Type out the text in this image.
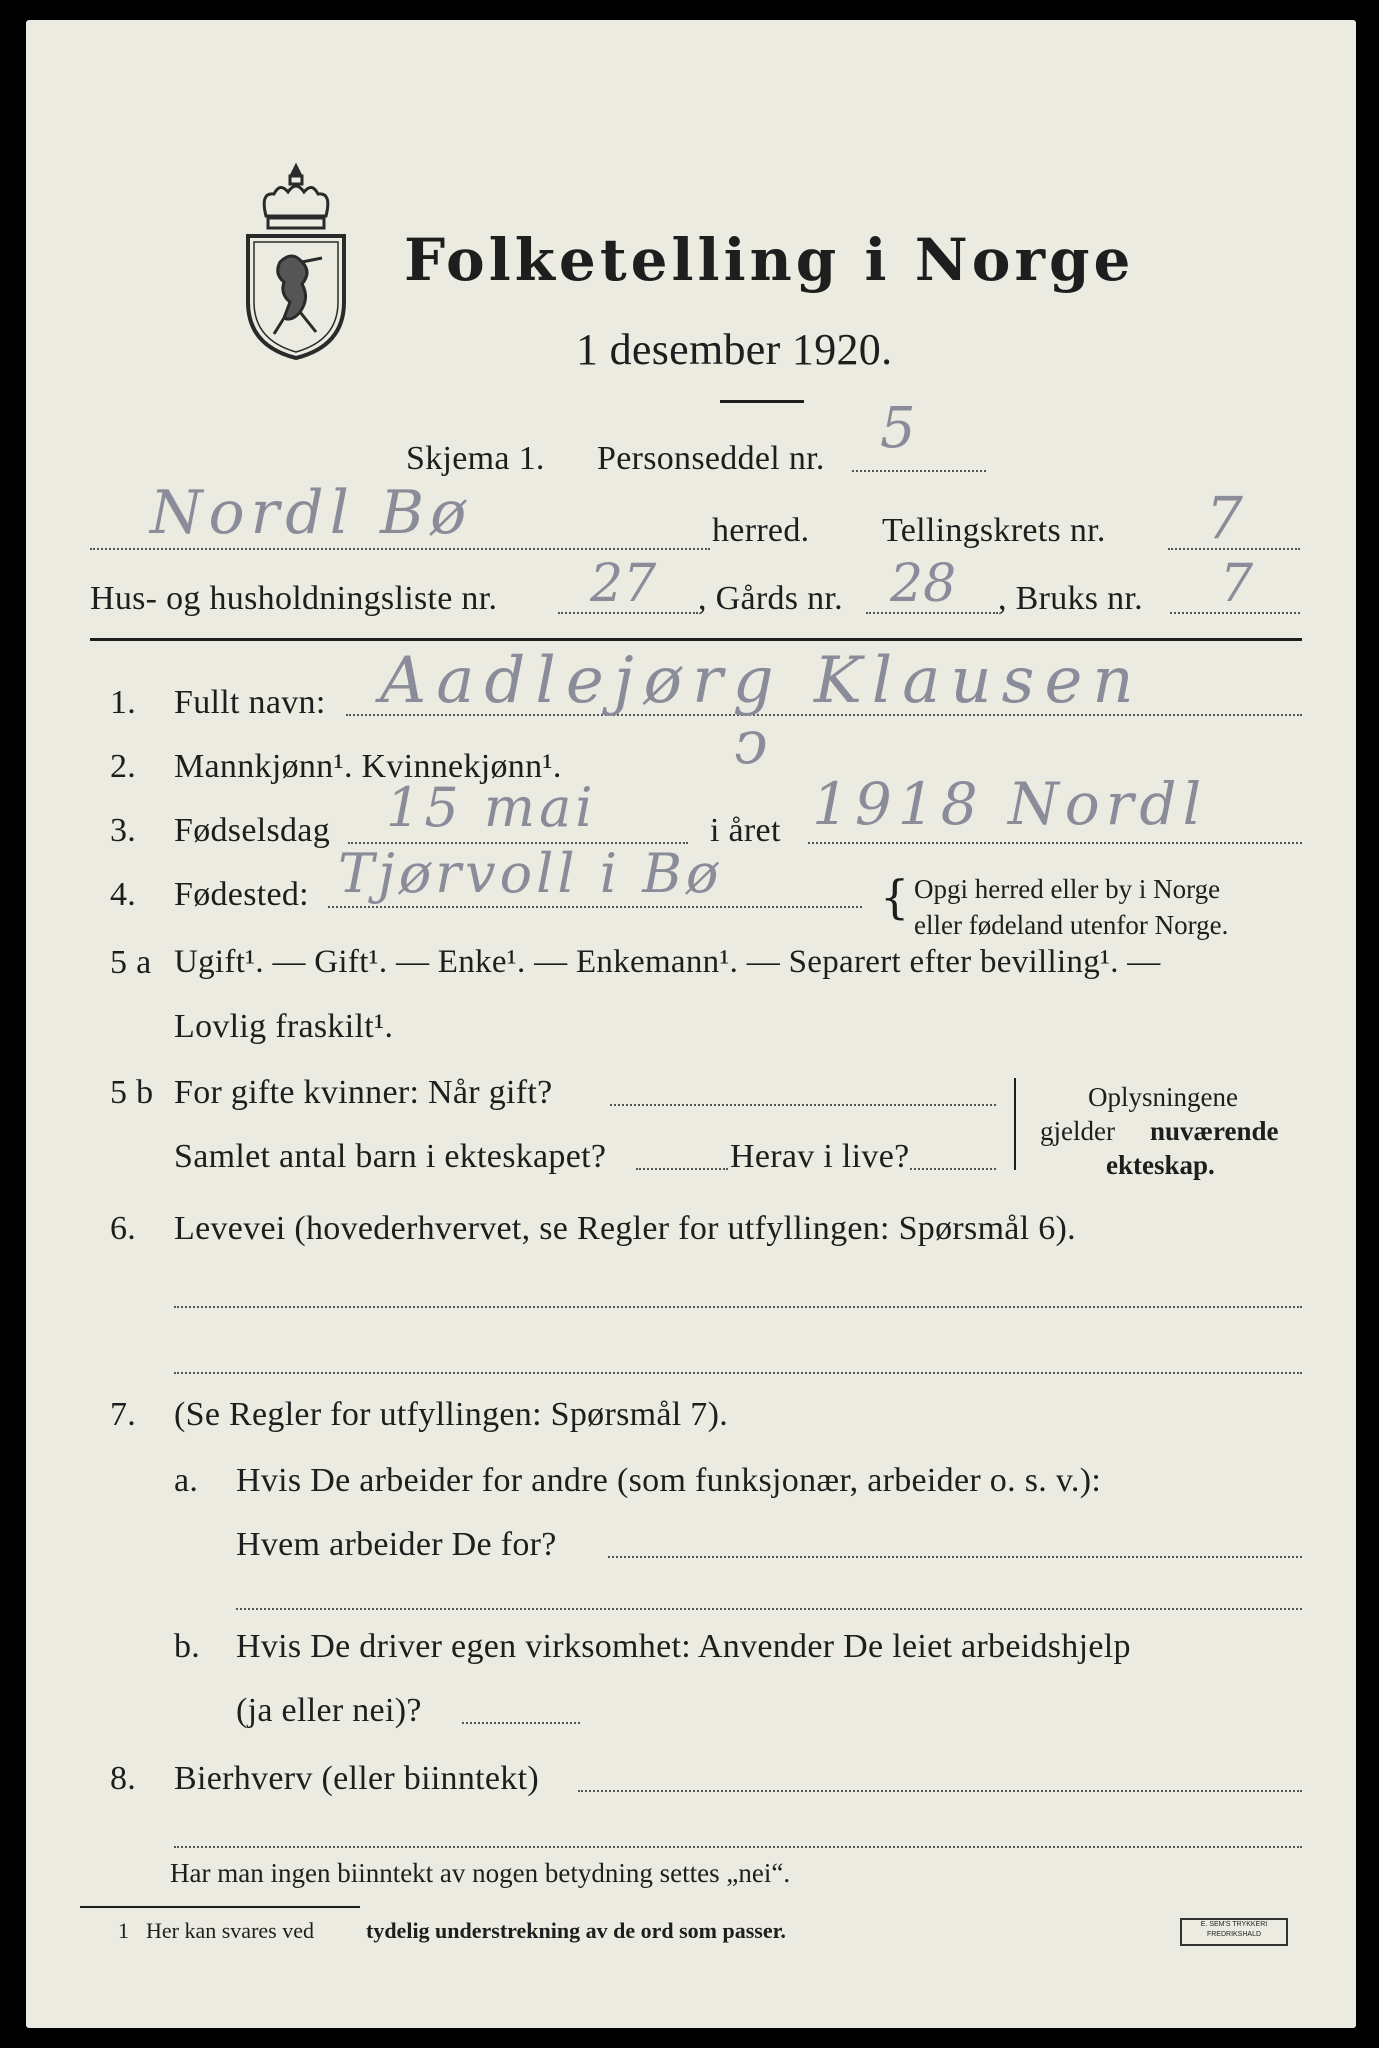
Folketelling i Norge
1 desember 1920.
Skjema 1. Personseddel nr. 5
Nordl Bø	herred. Tellingskrets nr. 7
Hus- og husholdningsliste nr. 27 , Gårds nr. 28 , Bruks nr. 7
1. Fullt navn: Aadlejørg Klausen
2. Mannkjønn¹. Kvinnekjønn¹.	ↄ
3. Fødselsdag 15 mai	i året 1918 Nordl
4. Fødested: Tjørvoll i Bø	{ Opgi herred eller by i Norge
eller fødeland utenfor Norge.
5 a Ugift¹. — Gift¹. — Enke¹. — Enkemann¹. — Separert efter bevilling¹. —
Lovlig fraskilt¹.
5 b For gifte kvinner: Når gift?
Samlet antal barn i ekteskapet?	Herav i live?
Oplysningene
gjelder nuværende
ekteskap.
6. Levevei (hovederhvervet, se Regler for utfyllingen: Spørsmål 6).
7. (Se Regler for utfyllingen: Spørsmål 7).
a. Hvis De arbeider for andre (som funksjonær, arbeider o. s. v.):
Hvem arbeider De for?
b. Hvis De driver egen virksomhet: Anvender De leiet arbeidshjelp
(ja eller nei)?
8. Bierhverv (eller biinntekt)
Har man ingen biinntekt av nogen betydning settes „nei“.
1 Her kan svares ved tydelig understrekning av de ord som passer.	E. SEM'S TRYKKERI
FREDRIKSHALD
